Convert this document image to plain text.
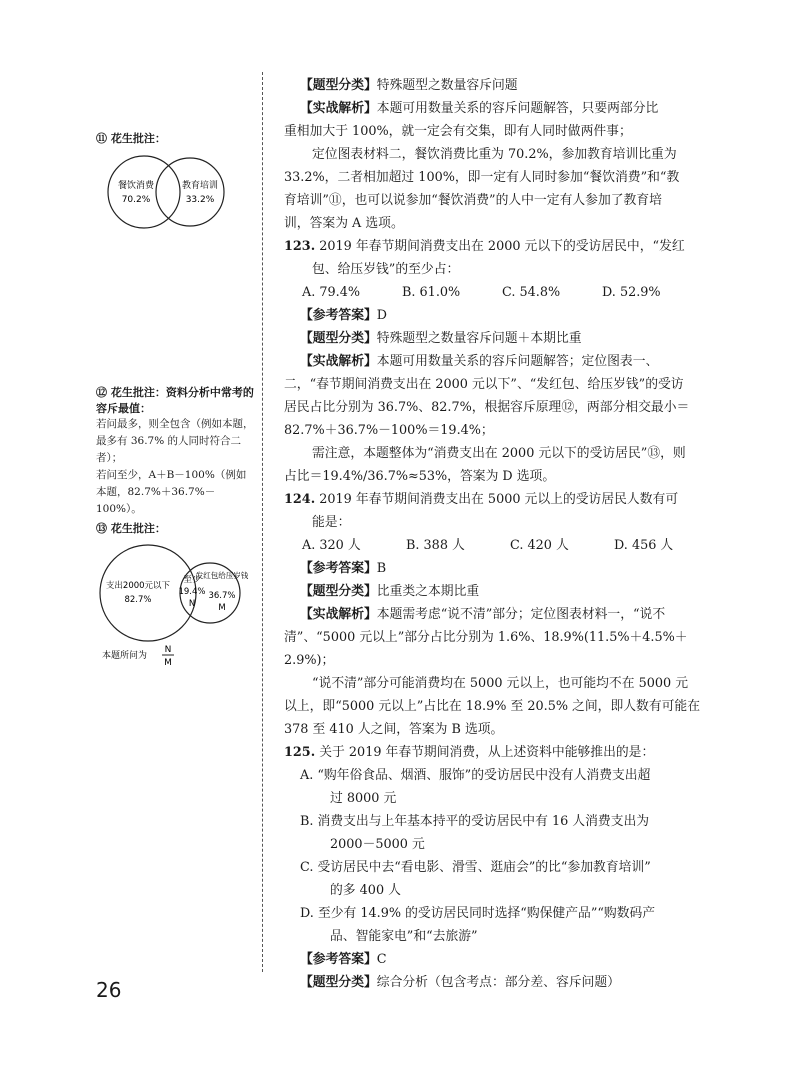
⑪ 花生批注：
餐饮消费
70.2%
教育培训
33.2%
⑫ 花生批注：资料分析中常考的容斥最值：
若问最多，则全包含（例如本题，最多有 36.7% 的人同时符合二者）；
若问至少，A＋B－100%（例如本题，82.7%＋36.7%－100%）。
⑬ 花生批注：
支出2000元以下
82.7%
至少
19.4%
N
发红包给压岁钱
36.7%
M
本题所问为
N
M
【题型分类】特殊题型之数量容斥问题
【实战解析】本题可用数量关系的容斥问题解答，只要两部分比
重相加大于 100%，就一定会有交集，即有人同时做两件事；
定位图表材料二，餐饮消费比重为 70.2%，参加教育培训比重为
33.2%，二者相加超过 100%，即一定有人同时参加“餐饮消费”和“教
育培训”⑪，也可以说参加“餐饮消费”的人中一定有人参加了教育培
训，答案为 A 选项。
123. 2019 年春节期间消费支出在 2000 元以下的受访居民中，“发红
包、给压岁钱”的至少占：
A. 79.4%	B. 61.0%	C. 54.8%	D. 52.9%
【参考答案】D
【题型分类】特殊题型之数量容斥问题＋本期比重
【实战解析】本题可用数量关系的容斥问题解答；定位图表一、
二，“春节期间消费支出在 2000 元以下”、“发红包、给压岁钱”的受访
居民占比分别为 36.7%、82.7%，根据容斥原理⑫，两部分相交最小＝
82.7%＋36.7%－100%＝19.4%；
需注意，本题整体为“消费支出在 2000 元以下的受访居民”⑬，则
占比＝19.4%/36.7%≈53%，答案为 D 选项。
124. 2019 年春节期间消费支出在 5000 元以上的受访居民人数有可
能是：
A. 320 人	B. 388 人	C. 420 人	D. 456 人
【参考答案】B
【题型分类】比重类之本期比重
【实战解析】本题需考虑“说不清”部分；定位图表材料一，“说不
清”、“5000 元以上”部分占比分别为 1.6%、18.9%(11.5%＋4.5%＋
2.9%)；
“说不清”部分可能消费均在 5000 元以上，也可能均不在 5000 元
以上，即“5000 元以上”占比在 18.9% 至 20.5% 之间，即人数有可能在
378 至 410 人之间，答案为 B 选项。
125. 关于 2019 年春节期间消费，从上述资料中能够推出的是：
A. “购年俗食品、烟酒、服饰”的受访居民中没有人消费支出超
过 8000 元
B. 消费支出与上年基本持平的受访居民中有 16 人消费支出为
2000－5000 元
C. 受访居民中去“看电影、滑雪、逛庙会”的比“参加教育培训”
的多 400 人
D. 至少有 14.9% 的受访居民同时选择“购保健产品”“购数码产
品、智能家电”和“去旅游”
【参考答案】C
【题型分类】综合分析（包含考点：部分差、容斥问题）
26
